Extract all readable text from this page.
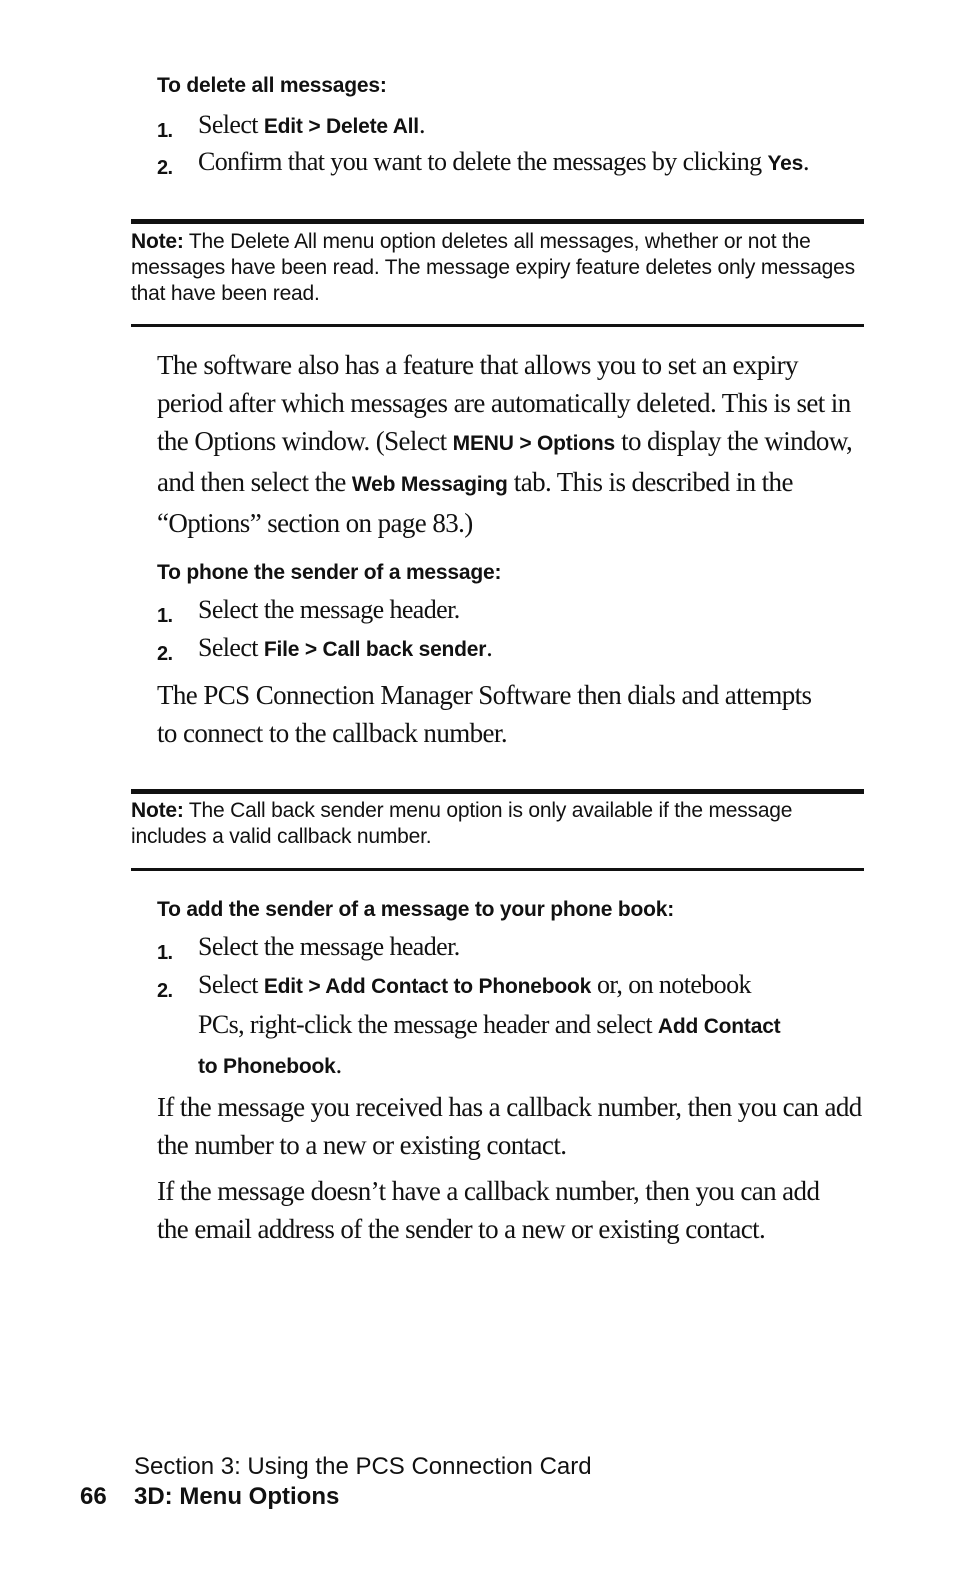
To delete all messages:
1. Select Edit > Delete All.
2. Confirm that you want to delete the messages by clicking Yes.
Note: The Delete All menu option deletes all messages, whether or not the messages have been read. The message expiry feature deletes only messages that have been read.
The software also has a feature that allows you to set an expiry period after which messages are automatically deleted. This is set in the Options window. (Select MENU > Options to display the window, and then select the Web Messaging tab. This is described in the “Options” section on page 83.)
To phone the sender of a message:
1. Select the message header.
2. Select File > Call back sender.
The PCS Connection Manager Software then dials and attempts to connect to the callback number.
Note: The Call back sender menu option is only available if the message includes a valid callback number.
To add the sender of a message to your phone book:
1. Select the message header.
2. Select Edit > Add Contact to Phonebook or, on notebook PCs, right-click the message header and select Add Contact to Phonebook.
If the message you received has a callback number, then you can add the number to a new or existing contact.
If the message doesn’t have a callback number, then you can add the email address of the sender to a new or existing contact.
Section 3: Using the PCS Connection Card
66 3D: Menu Options
